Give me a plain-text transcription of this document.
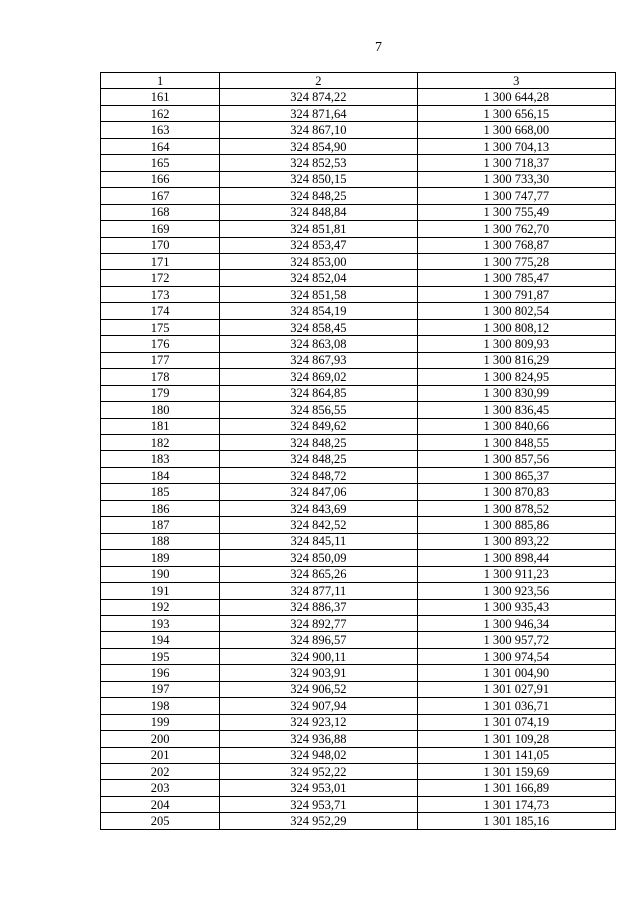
7
1	2	3
161	324 874,22	1 300 644,28
162	324 871,64	1 300 656,15
163	324 867,10	1 300 668,00
164	324 854,90	1 300 704,13
165	324 852,53	1 300 718,37
166	324 850,15	1 300 733,30
167	324 848,25	1 300 747,77
168	324 848,84	1 300 755,49
169	324 851,81	1 300 762,70
170	324 853,47	1 300 768,87
171	324 853,00	1 300 775,28
172	324 852,04	1 300 785,47
173	324 851,58	1 300 791,87
174	324 854,19	1 300 802,54
175	324 858,45	1 300 808,12
176	324 863,08	1 300 809,93
177	324 867,93	1 300 816,29
178	324 869,02	1 300 824,95
179	324 864,85	1 300 830,99
180	324 856,55	1 300 836,45
181	324 849,62	1 300 840,66
182	324 848,25	1 300 848,55
183	324 848,25	1 300 857,56
184	324 848,72	1 300 865,37
185	324 847,06	1 300 870,83
186	324 843,69	1 300 878,52
187	324 842,52	1 300 885,86
188	324 845,11	1 300 893,22
189	324 850,09	1 300 898,44
190	324 865,26	1 300 911,23
191	324 877,11	1 300 923,56
192	324 886,37	1 300 935,43
193	324 892,77	1 300 946,34
194	324 896,57	1 300 957,72
195	324 900,11	1 300 974,54
196	324 903,91	1 301 004,90
197	324 906,52	1 301 027,91
198	324 907,94	1 301 036,71
199	324 923,12	1 301 074,19
200	324 936,88	1 301 109,28
201	324 948,02	1 301 141,05
202	324 952,22	1 301 159,69
203	324 953,01	1 301 166,89
204	324 953,71	1 301 174,73
205	324 952,29	1 301 185,16
